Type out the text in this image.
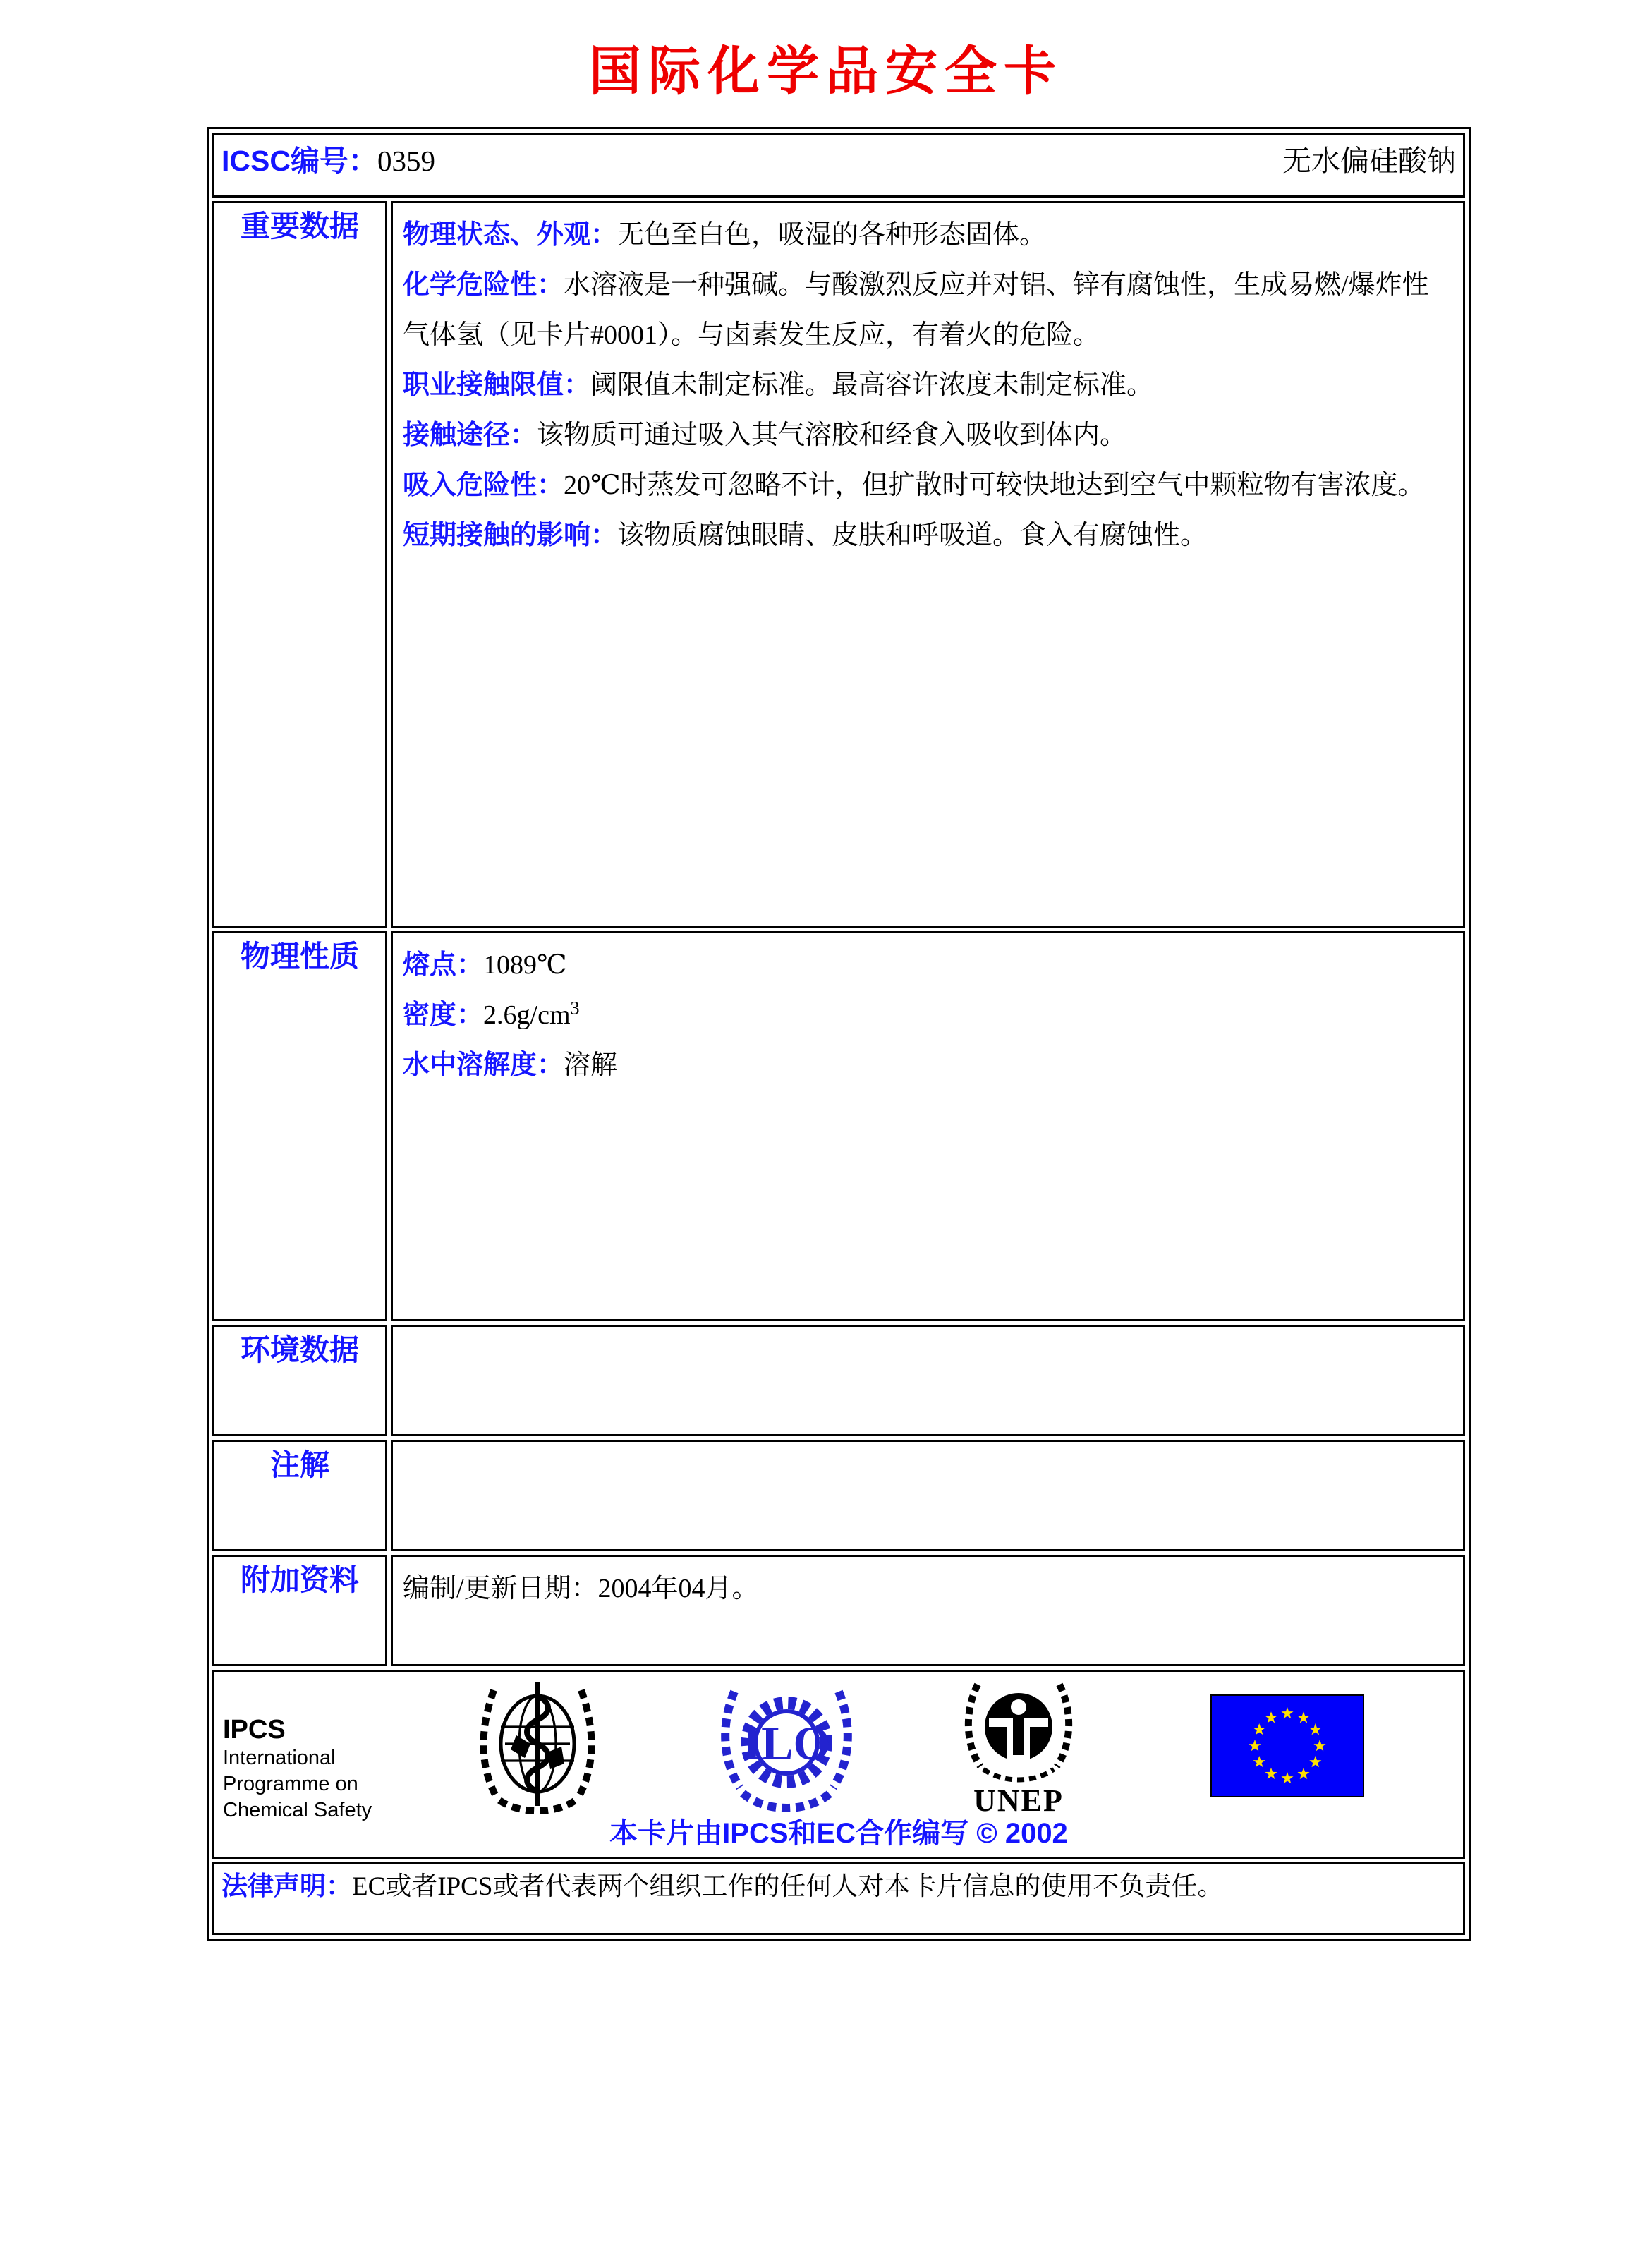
国际化学品安全卡
ICSC编号：0359 无水偏硅酸钠	

重要数据	物理状态、外观：无色至白色，吸湿的各种形态固体。

化学危险性：水溶液是一种强碱。与酸激烈反应并对铝、锌有腐蚀性，生成易燃/爆炸性气体氢（见卡片#0001）。与卤素发生反应，有着火的危险。

职业接触限值：阈限值未制定标准。最高容许浓度未制定标准。

接触途径：该物质可通过吸入其气溶胶和经食入吸收到体内。

吸入危险性：20℃时蒸发可忽略不计，但扩散时可较快地达到空气中颗粒物有害浓度。

短期接触的影响：该物质腐蚀眼睛、皮肤和呼吸道。食入有腐蚀性。

物理性质	熔点：1089℃

密度：$2.6g/cm^3$

水中溶解度：溶解

环境数据	
注解	
附加资料	编制/更新日期：2004年04月。

IPCS
International
Programme on
Chemical Safety
ILO
UNEP
本卡片由IPCS和EC合作编写 © 2002

法律声明：EC或者IPCS或者代表两个组织工作的任何人对本卡片信息的使用不负责任。	
